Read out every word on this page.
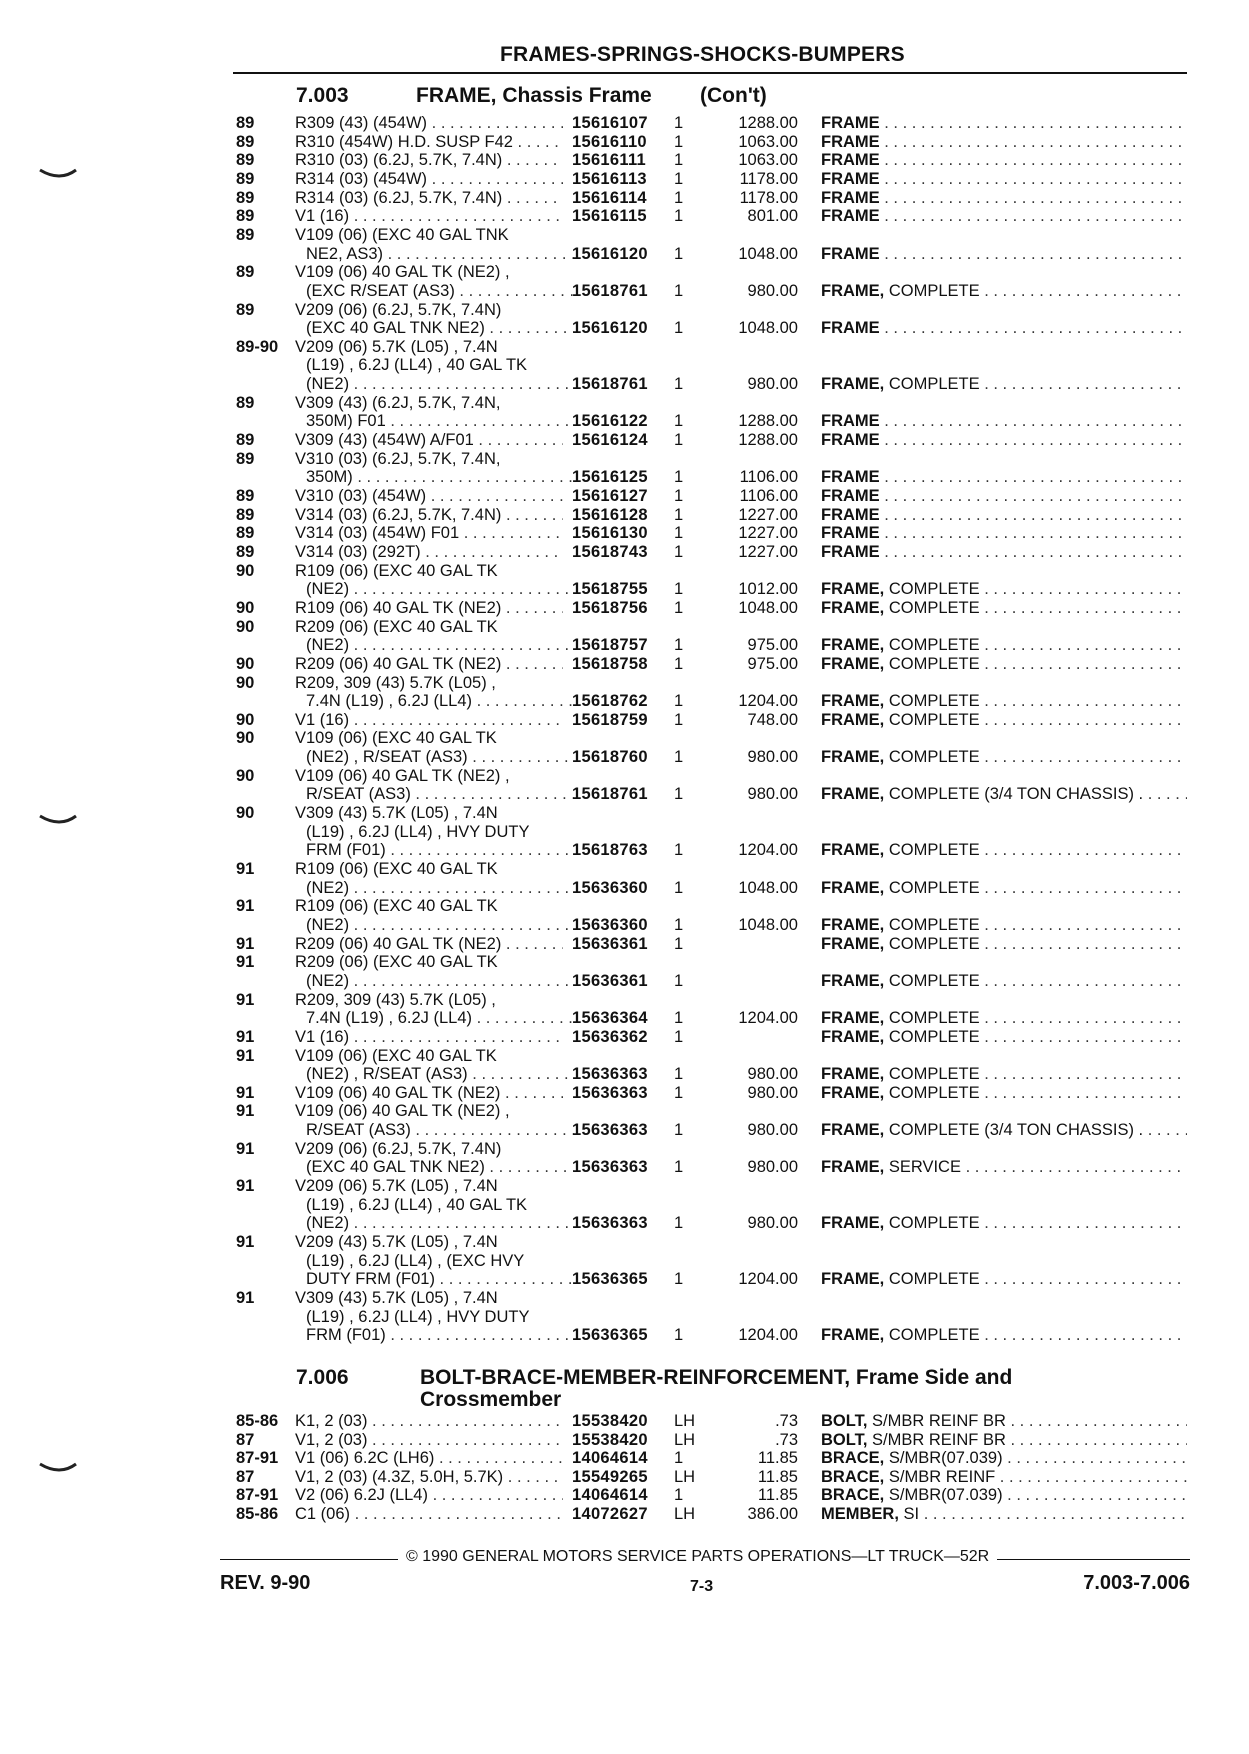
FRAMES-SPRINGS-SHOCKS-BUMPERS
7.003	FRAME, Chassis Frame (Con't)
7.006	BOLT-BRACE-MEMBER-REINFORCEMENT, Frame Side and
Crossmember
89 R309 (43) (454W) . . .	15616107 1	1288.00 FRAME . . .
89 R310 (454W) H.D. SUSP F42 . . .	15616110 1	1063.00 FRAME . . .
89 R310 (03) (6.2J, 5.7K, 7.4N) . . .	15616111 1	1063.00 FRAME . . .
89 R314 (03) (454W) . . .	15616113 1	1178.00 FRAME . . .
89 R314 (03) (6.2J, 5.7K, 7.4N) . . .	15616114 1	1178.00 FRAME . . .
89 V1 (16) . . .	15616115 1	801.00 FRAME . . .
89 V109 (06) (EXC 40 GAL TNK
NE2, AS3) . . .	15616120 1	1048.00 FRAME . . .
89 V109 (06) 40 GAL TK (NE2) ,
(EXC R/SEAT (AS3) . . .	15618761 1	980.00 FRAME, COMPLETE . . .
89 V209 (06) (6.2J, 5.7K, 7.4N)
(EXC 40 GAL TNK NE2) . . .	15616120 1	1048.00 FRAME . . .
89-90 V209 (06) 5.7K (L05) , 7.4N
(L19) , 6.2J (LL4) , 40 GAL TK
(NE2) . . .	15618761 1	980.00 FRAME, COMPLETE . . .
89 V309 (43) (6.2J, 5.7K, 7.4N,
350M) F01 . . .	15616122 1	1288.00 FRAME . . .
89 V309 (43) (454W) A/F01 . . .	15616124 1	1288.00 FRAME . . .
89 V310 (03) (6.2J, 5.7K, 7.4N,
350M) . . .	15616125 1	1106.00 FRAME . . .
89 V310 (03) (454W) . . .	15616127 1	1106.00 FRAME . . .
89 V314 (03) (6.2J, 5.7K, 7.4N) . . .	15616128 1	1227.00 FRAME . . .
89 V314 (03) (454W) F01 . . .	15616130 1	1227.00 FRAME . . .
89 V314 (03) (292T) . . .	15618743 1	1227.00 FRAME . . .
90 R109 (06) (EXC 40 GAL TK
(NE2) . . .	15618755 1	1012.00 FRAME, COMPLETE . . .
90 R109 (06) 40 GAL TK (NE2) . . .	15618756 1	1048.00 FRAME, COMPLETE . . .
90 R209 (06) (EXC 40 GAL TK
(NE2) . . .	15618757 1	975.00 FRAME, COMPLETE . . .
90 R209 (06) 40 GAL TK (NE2) . . .	15618758 1	975.00 FRAME, COMPLETE . . .
90 R209, 309 (43) 5.7K (L05) ,
7.4N (L19) , 6.2J (LL4) . . .	15618762 1	1204.00 FRAME, COMPLETE . . .
90 V1 (16) . . .	15618759 1	748.00 FRAME, COMPLETE . . .
90 V109 (06) (EXC 40 GAL TK
(NE2) , R/SEAT (AS3) . . .	15618760 1	980.00 FRAME, COMPLETE . . .
90 V109 (06) 40 GAL TK (NE2) ,
R/SEAT (AS3) . . .	15618761 1	980.00 FRAME, COMPLETE (3/4 TON CHASSIS) . . . .
90 V309 (43) 5.7K (L05) , 7.4N
(L19) , 6.2J (LL4) , HVY DUTY
FRM (F01) . . .	15618763 1	1204.00 FRAME, COMPLETE . . .
91 R109 (06) (EXC 40 GAL TK
(NE2) . . .	15636360 1	1048.00 FRAME, COMPLETE . . .
91 R109 (06) (EXC 40 GAL TK
(NE2) . . .	15636360 1	1048.00 FRAME, COMPLETE . . .
91 R209 (06) 40 GAL TK (NE2) . . .	15636361 1	FRAME, COMPLETE . . .
91 R209 (06) (EXC 40 GAL TK
(NE2) . . .	15636361 1	FRAME, COMPLETE . . .
91 R209, 309 (43) 5.7K (L05) ,
7.4N (L19) , 6.2J (LL4) . . .	15636364 1	1204.00 FRAME, COMPLETE . . .
91 V1 (16) . . .	15636362 1	FRAME, COMPLETE . . .
91 V109 (06) (EXC 40 GAL TK
(NE2) , R/SEAT (AS3) . . .	15636363 1	980.00 FRAME, COMPLETE . . .
91 V109 (06) 40 GAL TK (NE2) . . .	15636363 1	980.00 FRAME, COMPLETE . . .
91 V109 (06) 40 GAL TK (NE2) ,
R/SEAT (AS3) . . .	15636363 1	980.00 FRAME, COMPLETE (3/4 TON CHASSIS) . . . .
91 V209 (06) (6.2J, 5.7K, 7.4N)
(EXC 40 GAL TNK NE2) . . .	15636363 1	980.00 FRAME, SERVICE . . .
91 V209 (06) 5.7K (L05) , 7.4N
(L19) , 6.2J (LL4) , 40 GAL TK
(NE2) . . .	15636363 1	980.00 FRAME, COMPLETE . . .
91 V209 (43) 5.7K (L05) , 7.4N
(L19) , 6.2J (LL4) , (EXC HVY
DUTY FRM (F01) . . .	15636365 1	1204.00 FRAME, COMPLETE . . .
91 V309 (43) 5.7K (L05) , 7.4N
(L19) , 6.2J (LL4) , HVY DUTY
FRM (F01) . . .	15636365 1	1204.00 FRAME, COMPLETE . . .
85-86 K1, 2 (03) . . .	15538420 LH	.73 BOLT, S/MBR REINF BR . . .
87 V1, 2 (03) . . .	15538420 LH	.73 BOLT, S/MBR REINF BR . . .
87-91 V1 (06) 6.2C (LH6) . . .	14064614 1	11.85 BRACE, S/MBR(07.039) . . .
87 V1, 2 (03) (4.3Z, 5.0H, 5.7K) . . .	15549265 LH	11.85 BRACE, S/MBR REINF . . .
87-91 V2 (06) 6.2J (LL4) . . .	14064614 1	11.85 BRACE, S/MBR(07.039) . . .
85-86 C1 (06) . . .	14072627 LH	386.00 MEMBER, SI . . .
© 1990 GENERAL MOTORS SERVICE PARTS OPERATIONS—LT TRUCK—52R
REV. 9-90	7-3	7.003-7.006
